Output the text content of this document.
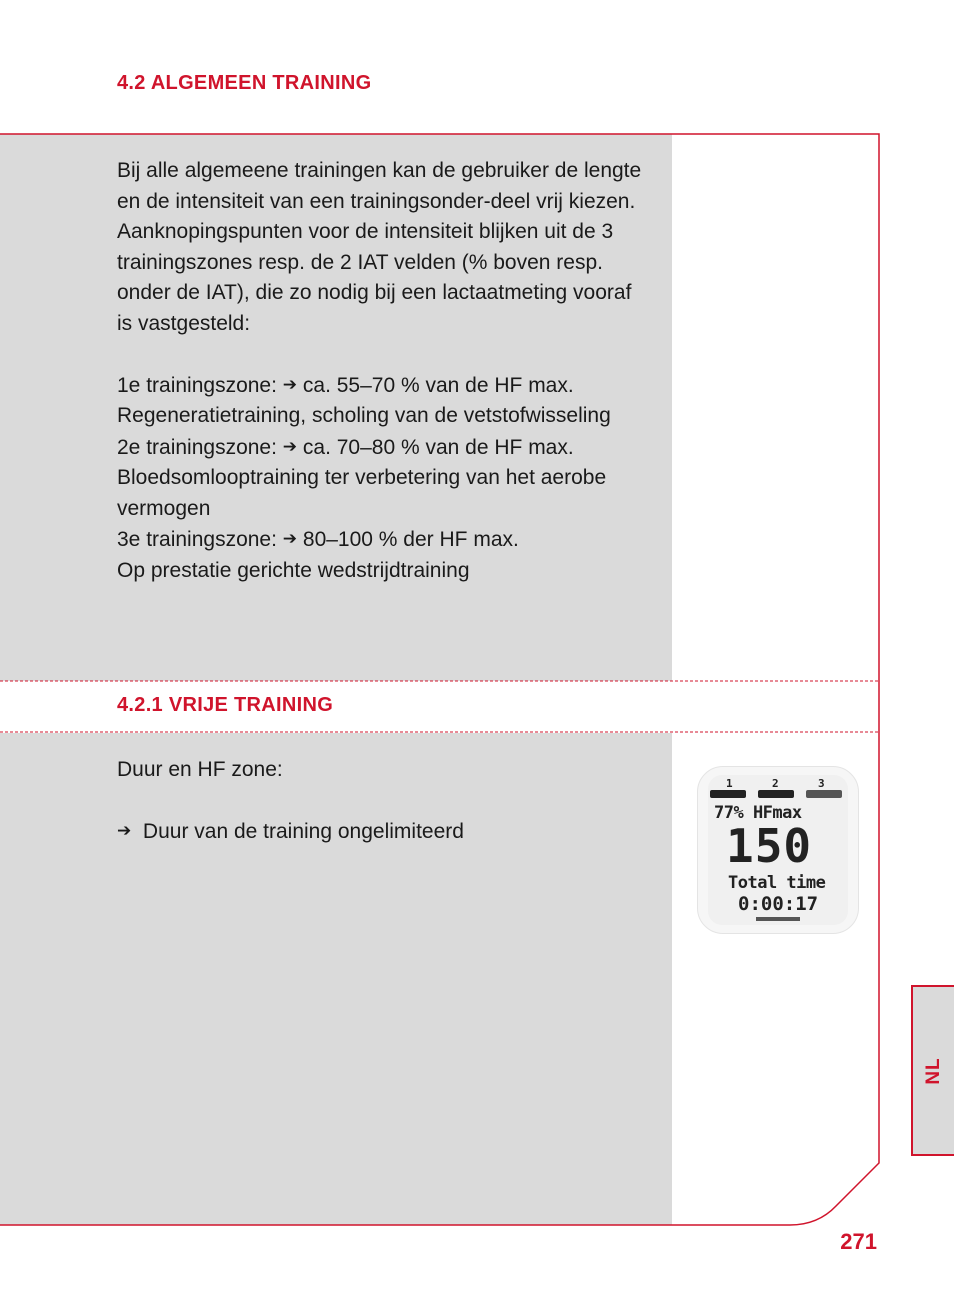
4.2 ALGEMEEN TRAINING

Bij alle algemeene trainingen kan de gebruiker de lengte en de intensiteit van een trainingsonder-deel vrij kiezen. Aanknopingspunten voor de intensiteit blijken uit de 3 trainingszones resp. de 2 IAT velden (% boven resp. onder de IAT), die zo nodig bij een lactaatmeting vooraf is vastgesteld:

1e trainingszone: ➔ ca. 55–70 % van de HF max.

Regeneratietraining, scholing van de vetstofwisseling

2e trainingszone: ➔ ca. 70–80 % van de HF max.

Bloedsomlooptraining ter verbetering van het aerobe vermogen

3e trainingszone: ➔ 80–100 % der HF max.

Op prestatie gerichte wedstrijdtraining

4.2.1 VRIJE TRAINING

Duur en HF zone:

➔ Duur van de training ongelimiteerd

1	2	3
77% HFmax
150
Total time
0:00:17
NL
271
